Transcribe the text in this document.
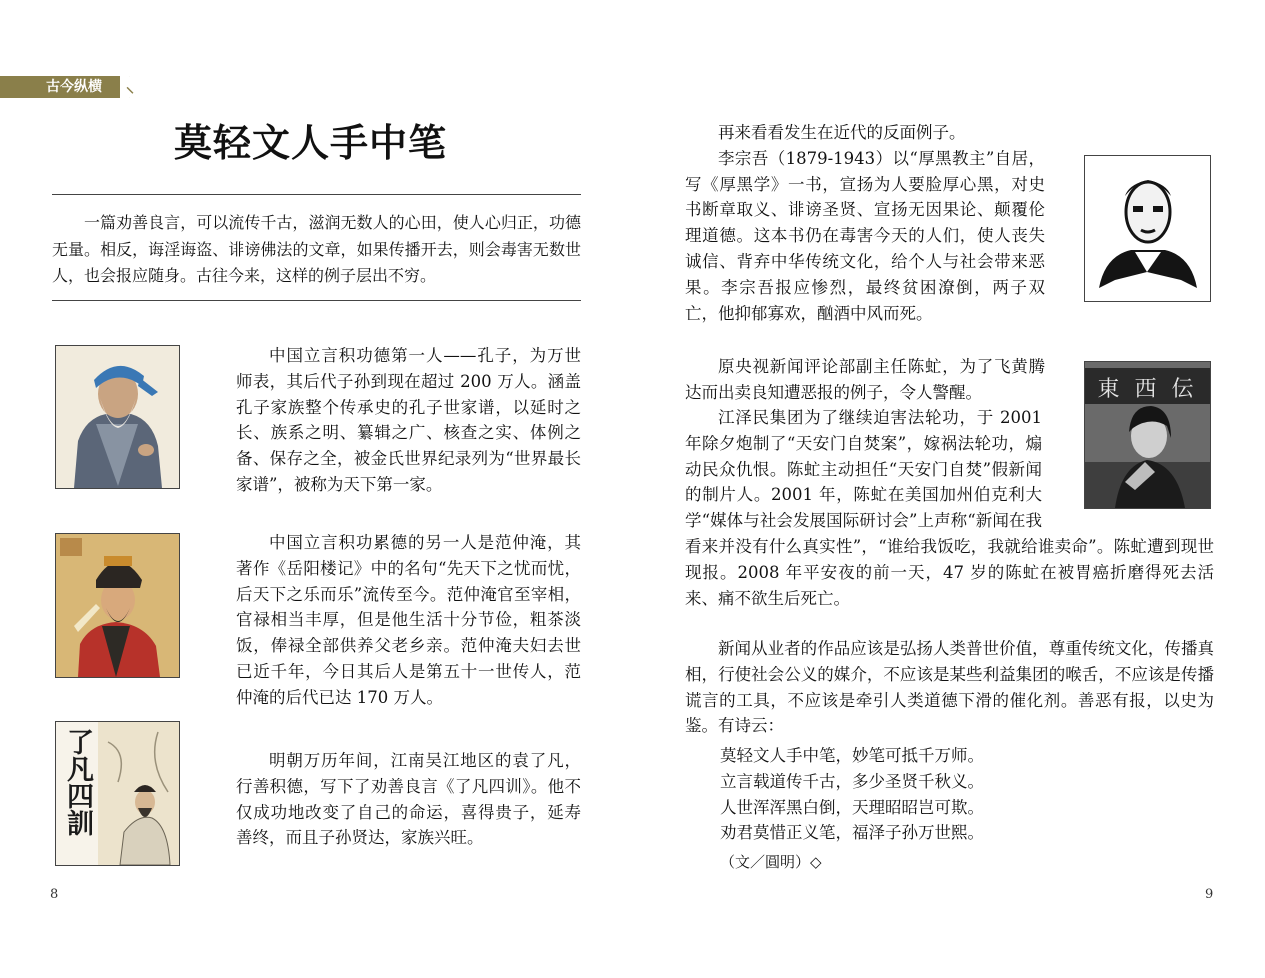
古今纵横	⸜
莫轻文人手中笔

一篇劝善良言，可以流传千古，滋润无数人的心田，使人心归正，功德无量。相反，诲淫诲盗、诽谤佛法的文章，如果传播开去，则会毒害无数世人，也会报应随身。古往今来，这样的例子层出不穷。

中国立言积功德第一人——孔子，为万世师表，其后代子孙到现在超过 200 万人。涵盖孔子家族整个传承史的孔子世家谱，以延时之长、族系之明、纂辑之广、核查之实、体例之备、保存之全，被金氏世界纪录列为“世界最长家谱”，被称为天下第一家。

中国立言积功累德的另一人是范仲淹，其著作《岳阳楼记》中的名句“先天下之忧而忧，后天下之乐而乐”流传至今。范仲淹官至宰相，官禄相当丰厚，但是他生活十分节俭，粗茶淡饭，俸禄全部供养父老乡亲。范仲淹夫妇去世已近千年，今日其后人是第五十一世传人，范仲淹的后代已达 170 万人。

了凡四訓	明朝万历年间，江南吴江地区的袁了凡，行善积德，写下了劝善良言《了凡四训》。他不仅成功地改变了自己的命运，喜得贵子，延寿善终，而且子孙贤达，家族兴旺。

再来看看发生在近代的反面例子。

李宗吾（1879-1943）以“厚黑教主”自居，写《厚黑学》一书，宣扬为人要脸厚心黑，对史书断章取义、诽谤圣贤、宣扬无因果论、颠覆伦理道德。这本书仍在毒害今天的人们，使人丧失诚信、背弃中华传统文化，给个人与社会带来恶果。李宗吾报应惨烈，最终贫困潦倒，两子双亡，他抑郁寡欢，酗酒中风而死。

原央视新闻评论部副主任陈虻，为了飞黄腾达而出卖良知遭恶报的例子，令人警醒。	東 西 伝

江泽民集团为了继续迫害法轮功，于 2001 年除夕炮制了“天安门自焚案”，嫁祸法轮功，煽动民众仇恨。陈虻主动担任“天安门自焚”假新闻的制片人。2001 年，陈虻在美国加州伯克利大学“媒体与社会发展国际研讨会”上声称“新闻在我看来并没有什么真实性”，“谁给我饭吃，我就给谁卖命”。陈虻遭到现世现报。2008 年平安夜的前一天，47 岁的陈虻在被胃癌折磨得死去活来、痛不欲生后死亡。

新闻从业者的作品应该是弘扬人类普世价值，尊重传统文化，传播真相，行使社会公义的媒介，不应该是某些利益集团的喉舌，不应该是传播谎言的工具，不应该是牵引人类道德下滑的催化剂。善恶有报，以史为鉴。有诗云：

莫轻文人手中笔，妙笔可抵千万师。
立言载道传千古，多少圣贤千秋义。
人世浑浑黑白倒，天理昭昭岂可欺。
劝君莫惜正义笔，福泽子孙万世熙。
（文／圓明）◇
8	9
